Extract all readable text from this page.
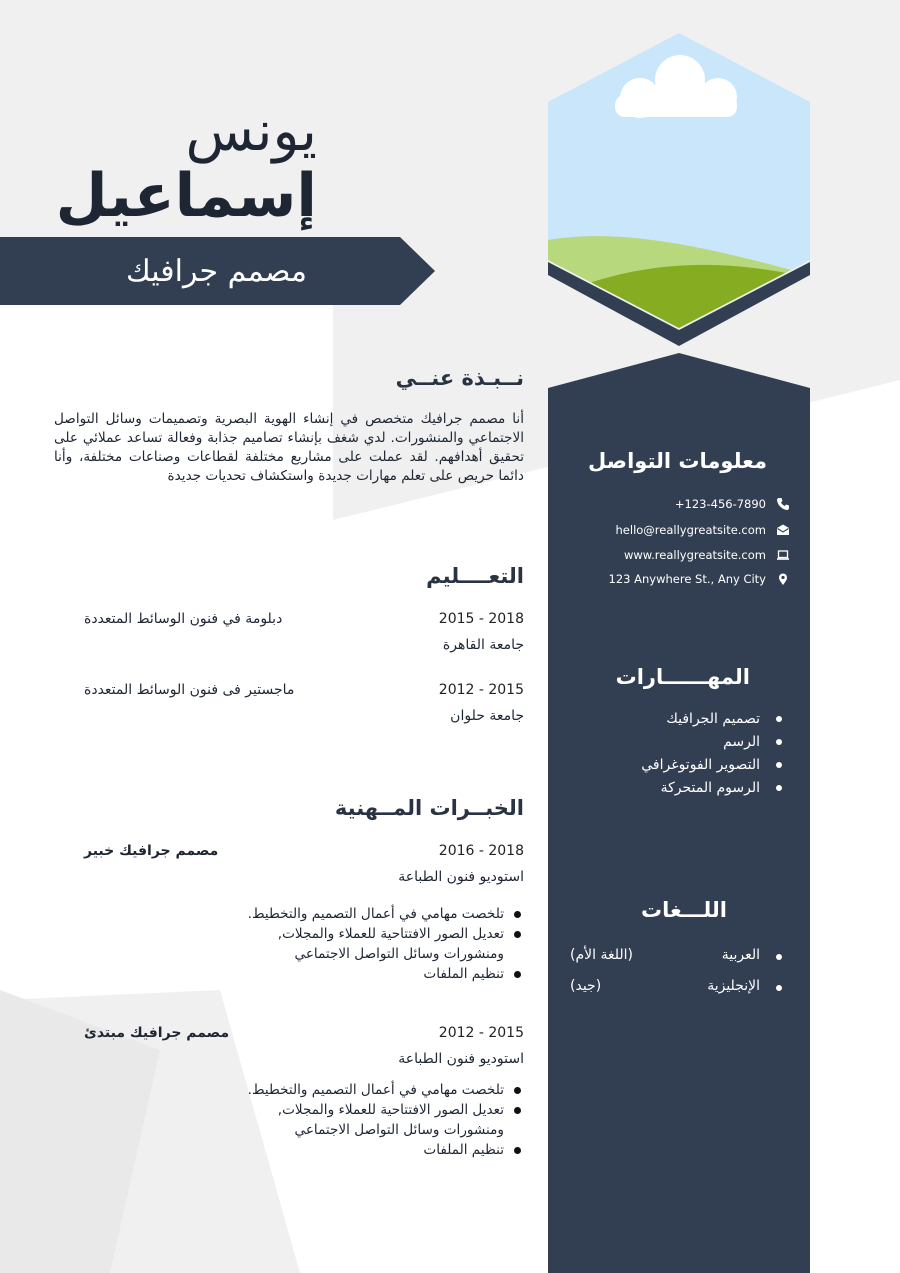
يونس
إسماعيل
مصمم جرافيك
نــبـذة عنــي
أنا مصمم جرافيك متخصص في إنشاء الهوية البصرية وتصميمات وسائل التواصل الاجتماعي والمنشورات. لدي شغف بإنشاء تصاميم جذابة وفعالة تساعد عملائي على تحقيق أهدافهم. لقد عملت على مشاريع مختلفة لقطاعات وصناعات مختلفة، وأنا دائما حريص على تعلم مهارات جديدة واستكشاف تحديات جديدة
التعــــليم
دبلومة في فنون الوسائط المتعددة	2015 - 2018
جامعة القاهرة
ماجستير فى فنون الوسائط المتعددة	2012 - 2015
جامعة حلوان
الخبــرات المــهنية
مصمم جرافيك خبير	2016 - 2018
استوديو فنون الطباعة
تلخصت مهامي في أعمال التصميم والتخطيط.
تعديل الصور الافتتاحية للعملاء والمجلات, ومنشورات وسائل التواصل الاجتماعي
تنظيم الملفات
مصمم جرافيك مبتدئ	2012 - 2015
استوديو فنون الطباعة
تلخصت مهامي في أعمال التصميم والتخطيط.
تعديل الصور الافتتاحية للعملاء والمجلات, ومنشورات وسائل التواصل الاجتماعي
تنظيم الملفات
معلومات التواصل
+123-456-7890
hello@reallygreatsite.com
www.reallygreatsite.com
123 Anywhere St., Any City
المهــــــارات
تصميم الجرافيك
الرسم
التصوير الفوتوغرافي
الرسوم المتحركة
اللـــغات
العربية
(اللغة الأم)
الإنجليزية
(جيد)
حراج
